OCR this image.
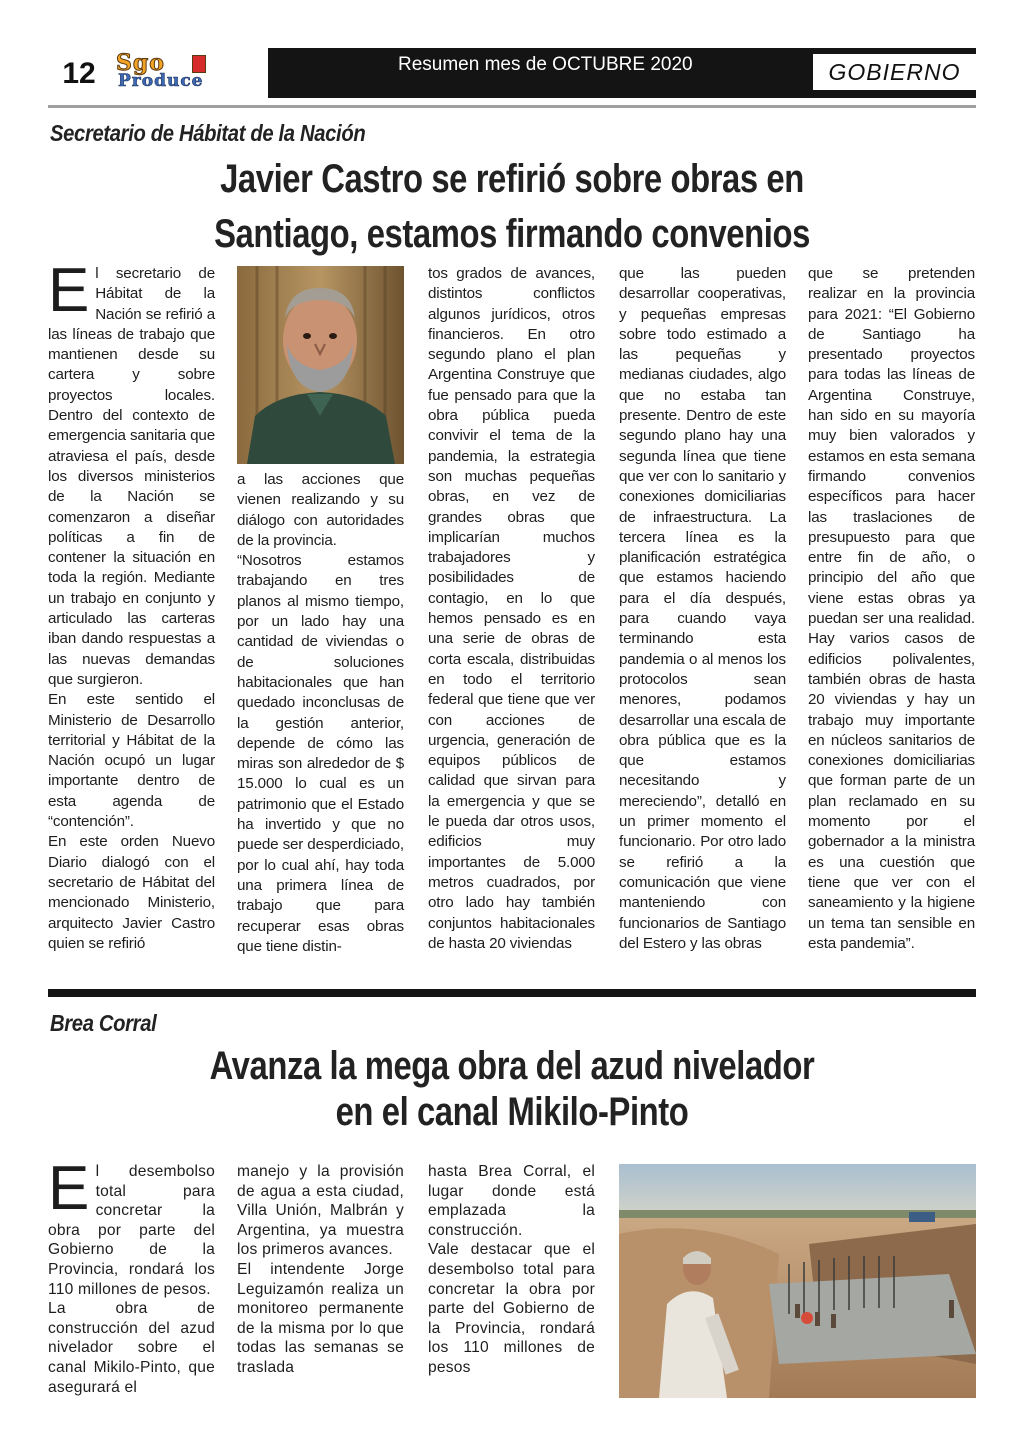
12 Sgo
Produce
Resumen mes de OCTUBRE 2020	GOBIERNO
Secretario de Hábitat de la Nación
Javier Castro se refirió sobre obras en
Santiago, estamos firmando convenios
E l secretario de Hábitat de la Nación se refirió a las líneas de trabajo que mantienen desde su cartera y sobre proyectos locales. Dentro del contexto de emergencia sanitaria que atraviesa el país, desde los diversos ministerios de la Nación se comenzaron a diseñar políticas a fin de contener la situación en toda la región. Mediante un trabajo en conjunto y articulado las carteras iban dando respuestas a las nuevas demandas que surgieron.

En este sentido el Ministerio de Desarrollo territorial y Hábitat de la Nación ocupó un lugar importante dentro de esta agenda de “contención”.

En este orden Nuevo Diario dialogó con el secretario de Hábitat del mencionado Ministerio, arquitecto Javier Castro quien se refirió

a las acciones que vienen realizando y su diálogo con autoridades de la provincia.

“Nosotros estamos trabajando en tres planos al mismo tiempo, por un lado hay una cantidad de viviendas o de soluciones habitacionales que han quedado inconclusas de la gestión anterior, depende de cómo las miras son alrededor de $ 15.000 lo cual es un patrimonio que el Estado ha invertido y que no puede ser desperdiciado, por lo cual ahí, hay toda una primera línea de trabajo que para recuperar esas obras que tiene distin-

tos grados de avances, distintos conflictos algunos jurídicos, otros financieros. En otro segundo plano el plan Argentina Construye que fue pensado para que la obra pública pueda convivir el tema de la pandemia, la estrategia son muchas pequeñas obras, en vez de grandes obras que implicarían muchos trabajadores y posibilidades de contagio, en lo que hemos pensado es en una serie de obras de corta escala, distribuidas en todo el territorio federal que tiene que ver con acciones de urgencia, generación de equipos públicos de calidad que sirvan para la emergencia y que se le pueda dar otros usos, edificios muy importantes de 5.000 metros cuadrados, por otro lado hay también conjuntos habitacionales de hasta 20 viviendas

que las pueden desarrollar cooperativas, y pequeñas empresas sobre todo estimado a las pequeñas y medianas ciudades, algo que no estaba tan presente. Dentro de este segundo plano hay una segunda línea que tiene que ver con lo sanitario y conexiones domiciliarias de infraestructura. La tercera línea es la planificación estratégica que estamos haciendo para el día después, para cuando vaya terminando esta pandemia o al menos los protocolos sean menores, podamos desarrollar una escala de obra pública que es la que estamos necesitando y mereciendo”, detalló en un primer momento el funcionario. Por otro lado se refirió a la comunicación que viene manteniendo con funcionarios de Santiago del Estero y las obras

que se pretenden realizar en la provincia para 2021: “El Gobierno de Santiago ha presentado proyectos para todas las líneas de Argentina Construye, han sido en su mayoría muy bien valorados y estamos en esta semana firmando convenios específicos para hacer las traslaciones de presupuesto para que entre fin de año, o principio del año que viene estas obras ya puedan ser una realidad. Hay varios casos de edificios polivalentes, también obras de hasta 20 viviendas y hay un trabajo muy importante en núcleos sanitarios de conexiones domiciliarias que forman parte de un plan reclamado en su momento por el gobernador a la ministra es una cuestión que tiene que ver con el saneamiento y la higiene un tema tan sensible en esta pandemia”.

Brea Corral
Avanza la mega obra del azud nivelador
en el canal Mikilo-Pinto
E l desembolso total para concretar la obra por parte del Gobierno de la Provincia, rondará los 110 millones de pesos.

La obra de construcción del azud nivelador sobre el canal Mikilo-Pinto, que asegurará el

manejo y la provisión de agua a esta ciudad, Villa Unión, Malbrán y Argentina, ya muestra los primeros avances.

El intendente Jorge Leguizamón realiza un monitoreo permanente de la misma por lo que todas las semanas se traslada

hasta Brea Corral, el lugar donde está emplazada la construcción.

Vale destacar que el desembolso total para concretar la obra por parte del Gobierno de la Provincia, rondará los 110 millones de pesos
